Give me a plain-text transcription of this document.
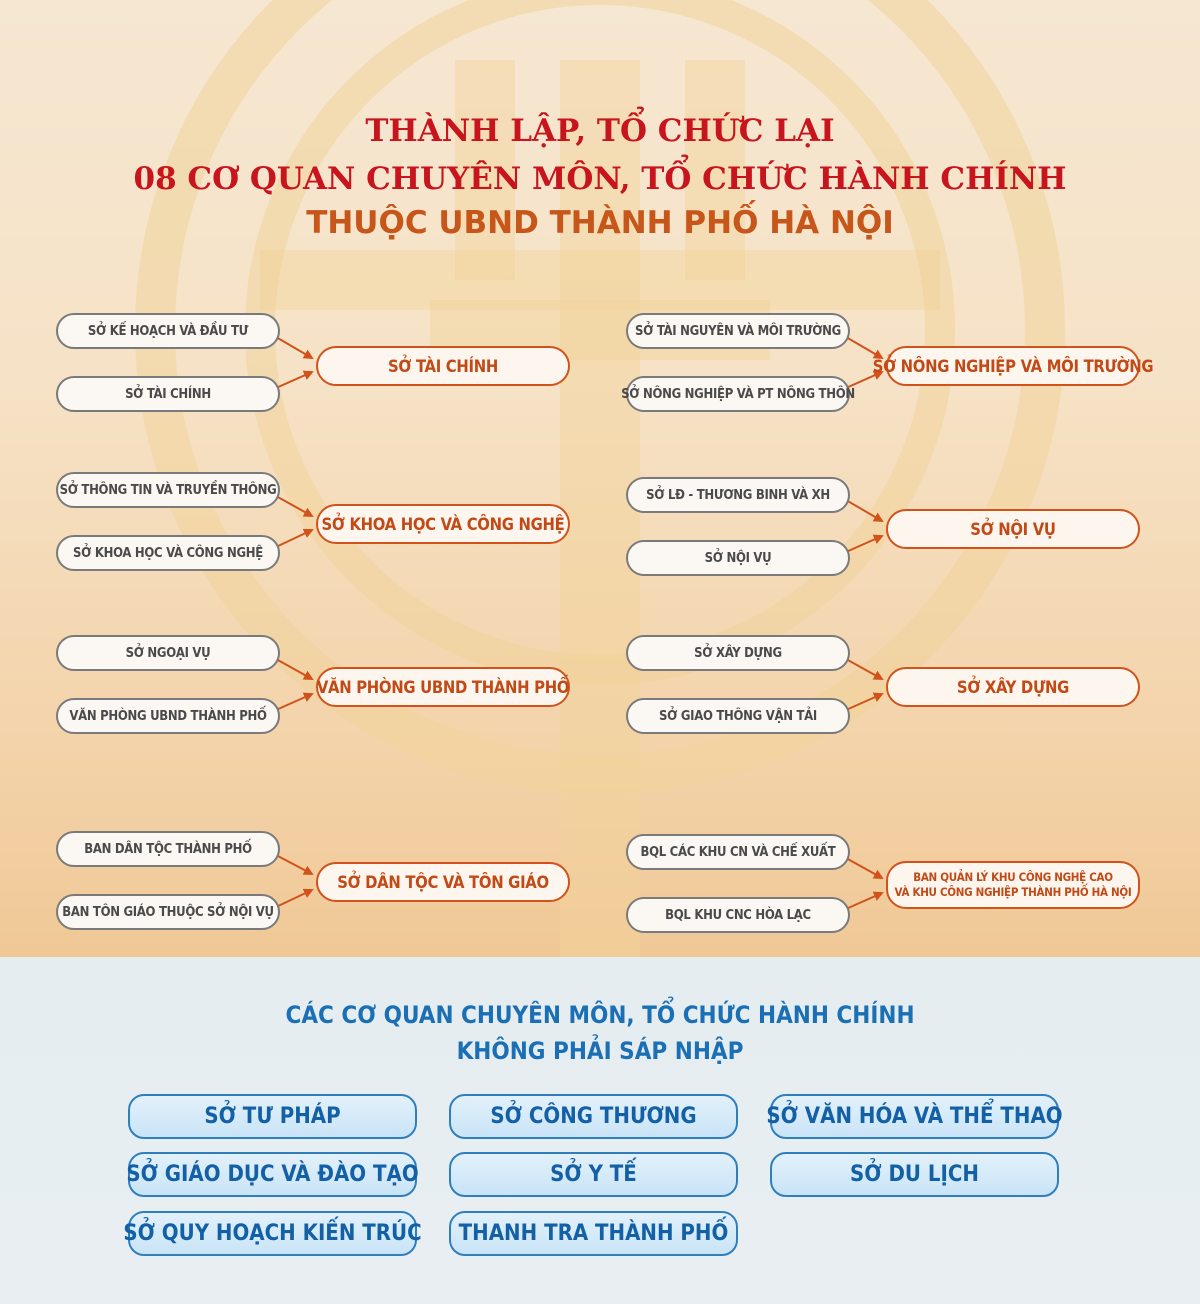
THÀNH LẬP, TỔ CHỨC LẠI
08 CƠ QUAN CHUYÊN MÔN, TỔ CHỨC HÀNH CHÍNH
THUỘC UBND THÀNH PHỐ HÀ NỘI
SỞ KẾ HOẠCH VÀ ĐẦU TƯ
SỞ TÀI CHÍNH
SỞ TÀI CHÍNH
SỞ TÀI NGUYÊN VÀ MÔI TRƯỜNG
SỞ NÔNG NGHIỆP VÀ PT NÔNG THÔN
SỞ NÔNG NGHIỆP VÀ MÔI TRƯỜNG
SỞ THÔNG TIN VÀ TRUYỀN THÔNG
SỞ KHOA HỌC VÀ CÔNG NGHỆ
SỞ KHOA HỌC VÀ CÔNG NGHỆ
SỞ LĐ - THƯƠNG BINH VÀ XH
SỞ NỘI VỤ
SỞ NỘI VỤ
SỞ NGOẠI VỤ
VĂN PHÒNG UBND THÀNH PHỐ
VĂN PHÒNG UBND THÀNH PHỐ
SỞ XÂY DỰNG
SỞ GIAO THÔNG VẬN TẢI
SỞ XÂY DỰNG
BAN DÂN TỘC THÀNH PHỐ
BAN TÔN GIÁO THUỘC SỞ NỘI VỤ
SỞ DÂN TỘC VÀ TÔN GIÁO
BQL CÁC KHU CN VÀ CHẾ XUẤT
BQL KHU CNC HÒA LẠC
BAN QUẢN LÝ KHU CÔNG NGHỆ CAO
VÀ KHU CÔNG NGHIỆP THÀNH PHỐ HÀ NỘI
CÁC CƠ QUAN CHUYÊN MÔN, TỔ CHỨC HÀNH CHÍNH
KHÔNG PHẢI SÁP NHẬP
SỞ TƯ PHÁP	SỞ CÔNG THƯƠNG	SỞ VĂN HÓA VÀ THỂ THAO
SỞ GIÁO DỤC VÀ ĐÀO TẠO	SỞ Y TẾ	SỞ DU LỊCH
SỞ QUY HOẠCH KIẾN TRÚC	THANH TRA THÀNH PHỐ
